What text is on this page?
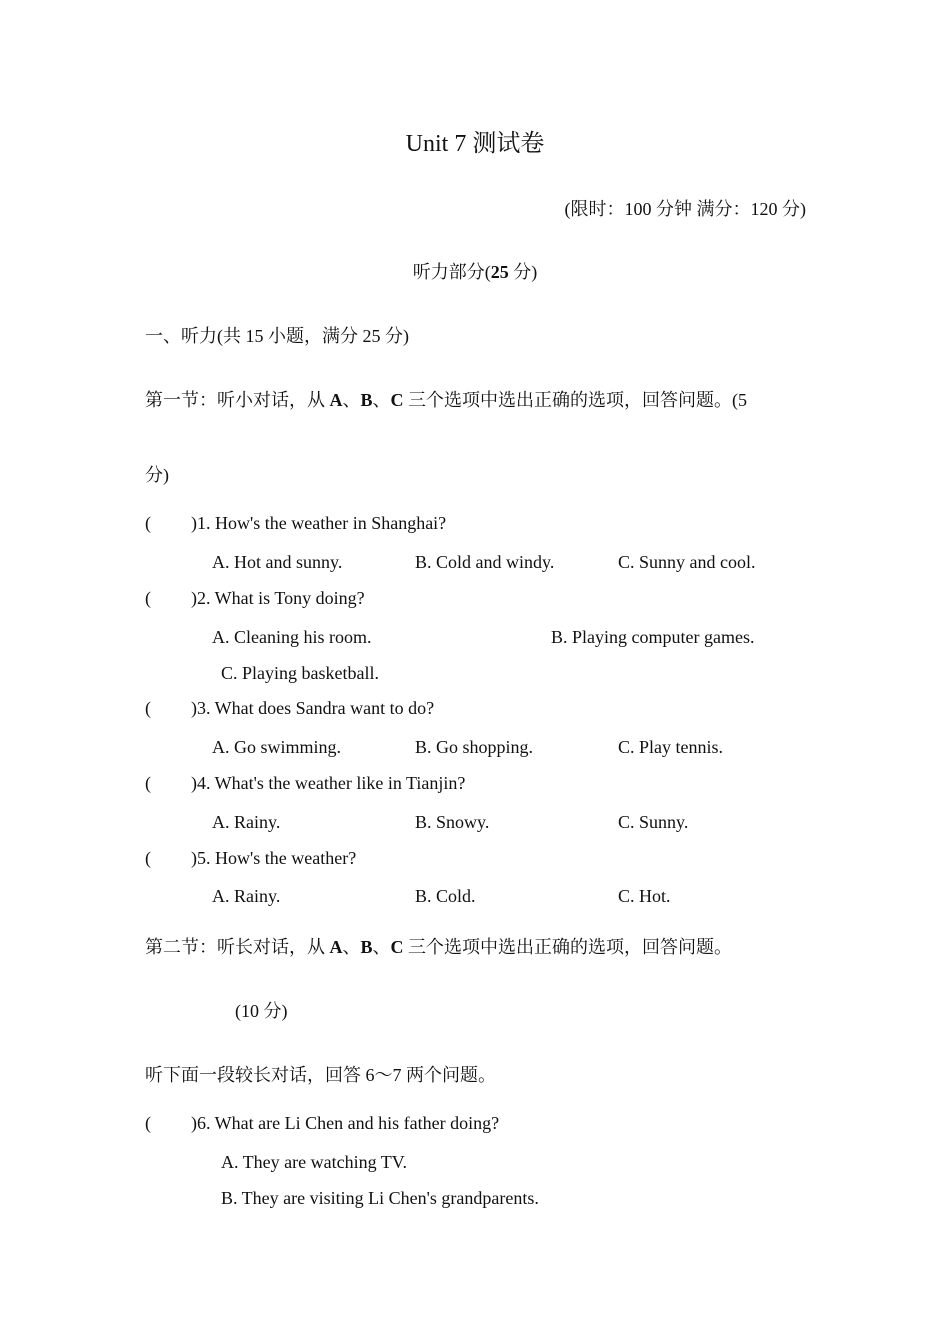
Unit 7 测试卷
(限时：100 分钟 满分：120 分)
听力部分(25 分)
一、听力(共 15 小题，满分 25 分)
第一节：听小对话，从 A、B、C 三个选项中选出正确的选项，回答问题。(5
分)
( )1. How's the weather in Shanghai?
A. Hot and sunny.	B. Cold and windy.	C. Sunny and cool.
( )2. What is Tony doing?
A. Cleaning his room.	B. Playing computer games.
C. Playing basketball.
( )3. What does Sandra want to do?
A. Go swimming.	B. Go shopping.	C. Play tennis.
( )4. What's the weather like in Tianjin?
A. Rainy.	B. Snowy.	C. Sunny.
( )5. How's the weather?
A. Rainy.	B. Cold.	C. Hot.
第二节：听长对话，从 A、B、C 三个选项中选出正确的选项，回答问题。
(10 分)
听下面一段较长对话，回答 6～7 两个问题。
( )6. What are Li Chen and his father doing?
A. They are watching TV.
B. They are visiting Li Chen's grandparents.
